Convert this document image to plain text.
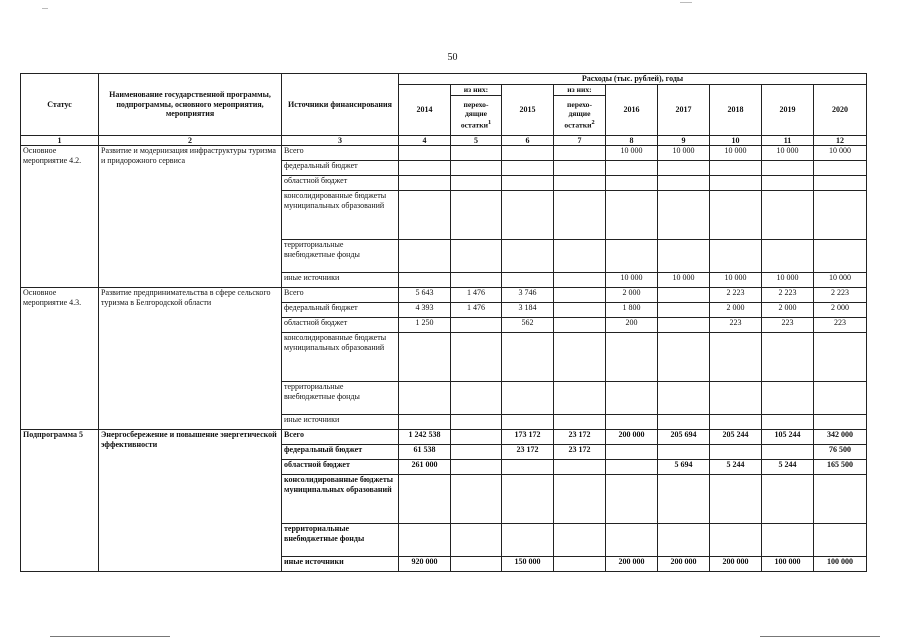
50
Статус	Наименование государственной программы, подпрограммы, основного мероприятия, мероприятия	Источники финансирования	Расходы (тыс. рублей), годы								
			2014	из них:	2015	из них:	2016	2017	2018	2019	2020
				перехо-дящие остатки$^1$		перехо-дящие остатки$^2$
1	2	3	4	5	6	7	8	9	10	11	12
Основное мероприятие 4.2.	Развитие и модернизация инфраструктуры туризма и придорожного сервиса	Всего					10 000	10 000	10 000	10 000	10 000
		федеральный бюджет									
		областной бюджет									
		консолидированные бюджеты муниципальных образований									
		территориальные внебюджетные фонды									
		иные источники					10 000	10 000	10 000	10 000	10 000
Основное мероприятие 4.3.	Развитие предпринимательства в сфере сельского туризма в Белгородской области	Всего	5 643	1 476	3 746		2 000		2 223	2 223	2 223
		федеральный бюджет	4 393	1 476	3 184		1 800		2 000	2 000	2 000
		областной бюджет	1 250		562		200		223	223	223
		консолидированные бюджеты муниципальных образований									
		территориальные внебюджетные фонды									
		иные источники									
Подпрограмма 5	Энергосбережение и повышение энергетической эффективности	Всего	1 242 538		173 172	23 172	200 000	205 694	205 244	105 244	342 000
		федеральный бюджет	61 538		23 172	23 172					76 500
		областной бюджет	261 000					5 694	5 244	5 244	165 500
		консолидированные бюджеты муниципальных образований									
		территориальные внебюджетные фонды									
		иные источники	920 000		150 000		200 000	200 000	200 000	100 000	100 000
